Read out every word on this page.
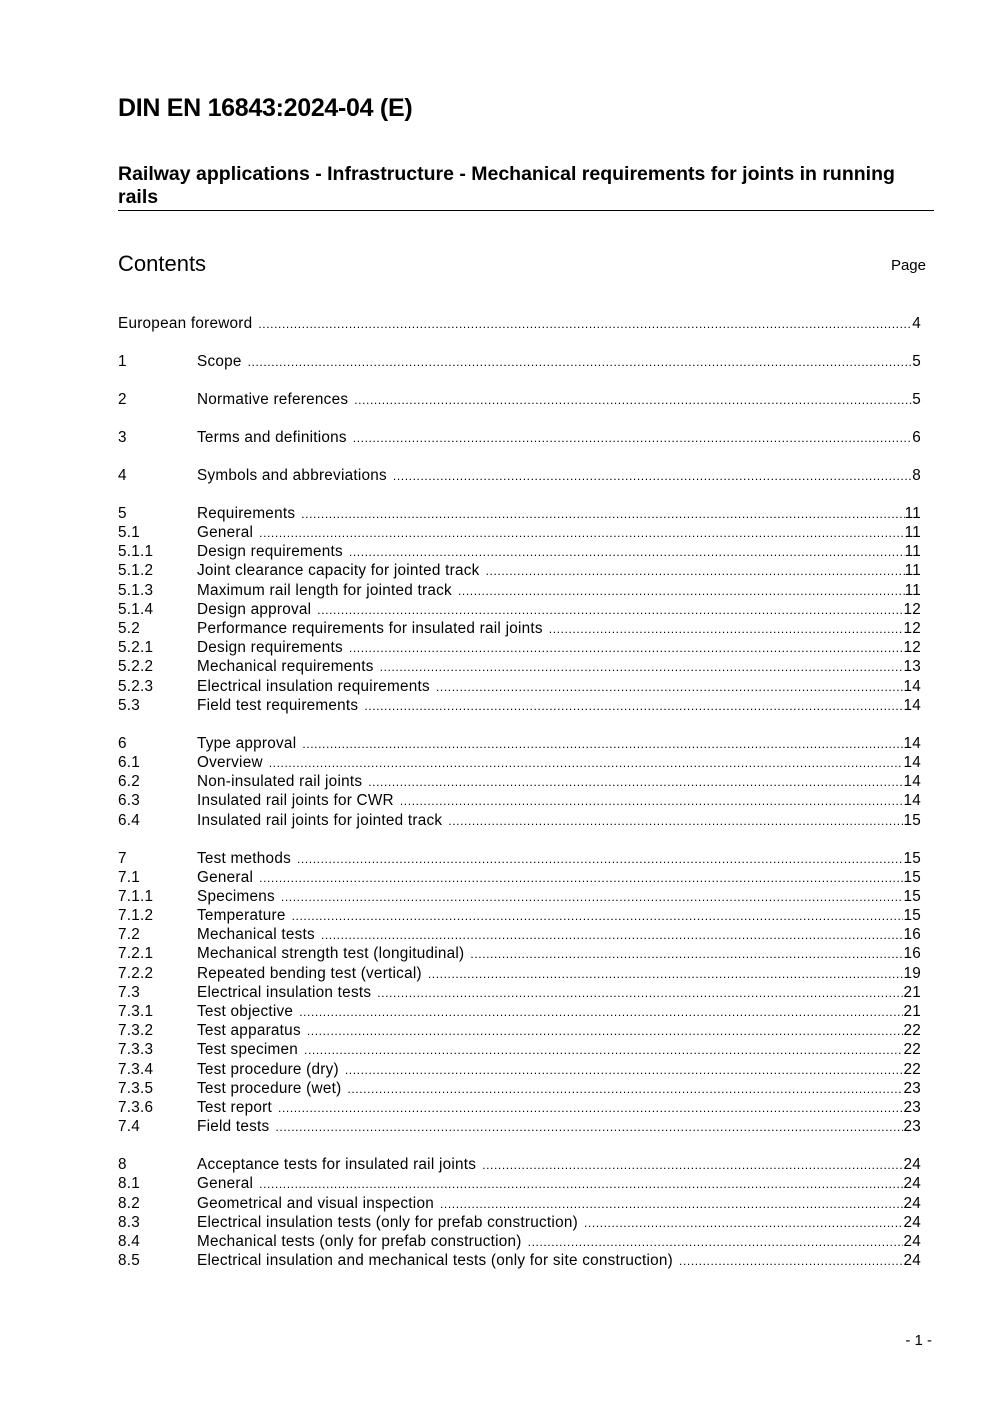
DIN EN 16843:2024-04 (E)
Railway applications - Infrastructure - Mechanical requirements for joints in running rails
Contents	Page
European foreword .....	4
1	Scope .....	5
2	Normative references .....	5
3	Terms and definitions .....	6
4	Symbols and abbreviations .....	8
5	Requirements .....	11
5.1	General .....	11
5.1.1	Design requirements .....	11
5.1.2	Joint clearance capacity for jointed track .....	11
5.1.3	Maximum rail length for jointed track .....	11
5.1.4	Design approval .....	12
5.2	Performance requirements for insulated rail joints .....	12
5.2.1	Design requirements .....	12
5.2.2	Mechanical requirements .....	13
5.2.3	Electrical insulation requirements .....	14
5.3	Field test requirements .....	14
6	Type approval .....	14
6.1	Overview .....	14
6.2	Non-insulated rail joints .....	14
6.3	Insulated rail joints for CWR .....	14
6.4	Insulated rail joints for jointed track .....	15
7	Test methods .....	15
7.1	General .....	15
7.1.1	Specimens .....	15
7.1.2	Temperature .....	15
7.2	Mechanical tests .....	16
7.2.1	Mechanical strength test (longitudinal) .....	16
7.2.2	Repeated bending test (vertical) .....	19
7.3	Electrical insulation tests .....	21
7.3.1	Test objective .....	21
7.3.2	Test apparatus .....	22
7.3.3	Test specimen .....	22
7.3.4	Test procedure (dry) .....	22
7.3.5	Test procedure (wet) .....	23
7.3.6	Test report .....	23
7.4	Field tests .....	23
8	Acceptance tests for insulated rail joints .....	24
8.1	General .....	24
8.2	Geometrical and visual inspection .....	24
8.3	Electrical insulation tests (only for prefab construction) .....	24
8.4	Mechanical tests (only for prefab construction) .....	24
8.5	Electrical insulation and mechanical tests (only for site construction) .....	24
- 1 -
